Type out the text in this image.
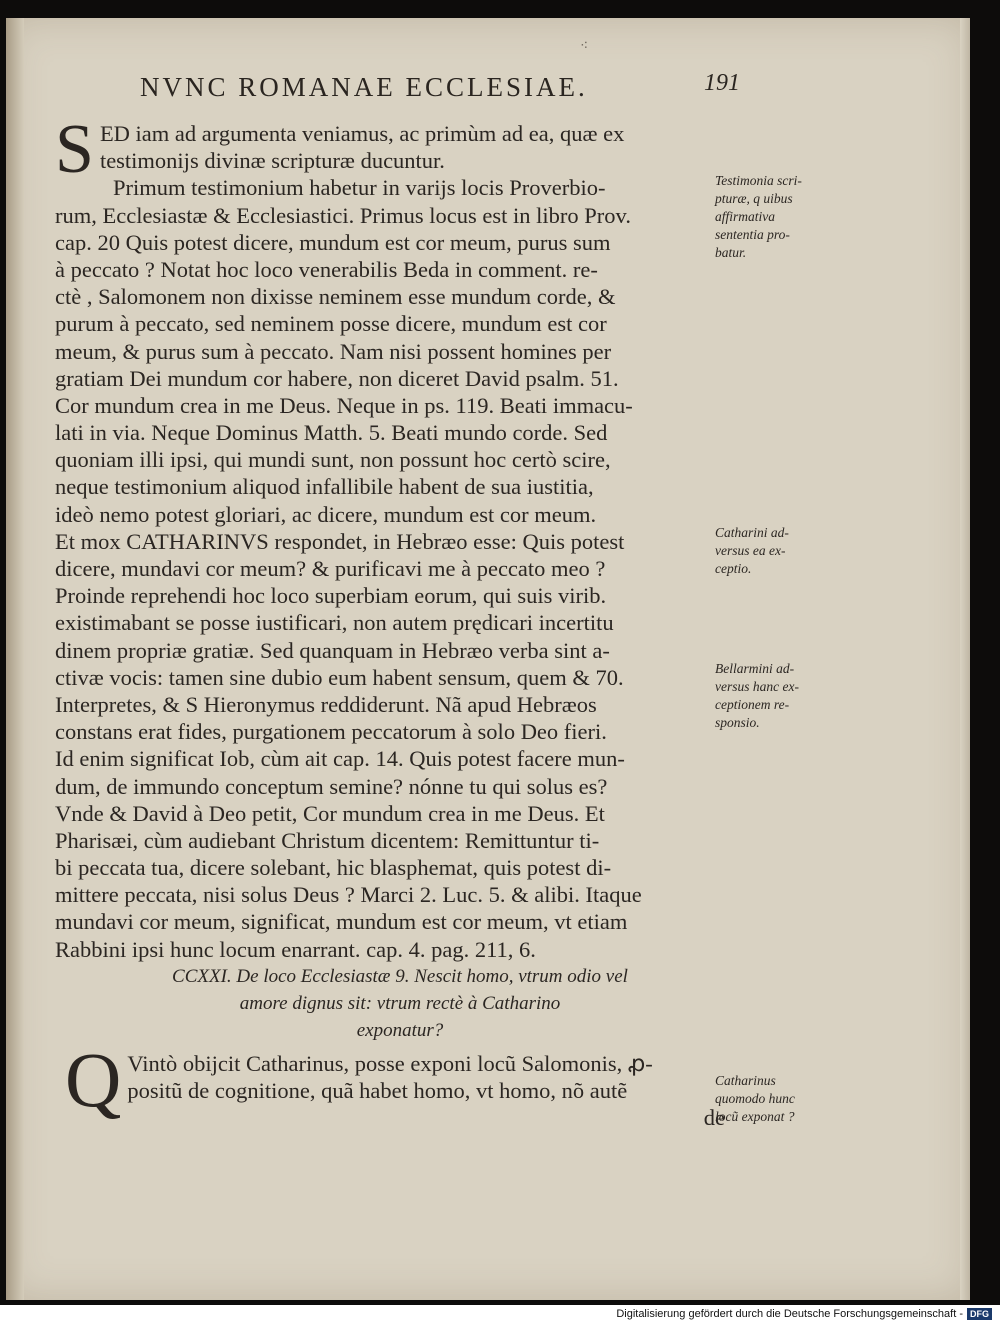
⁖
NVNC ROMANAE ECCLESIAE.	191
S ED iam ad argumenta veniamus, ac primùm ad ea, quæ ex
testimonijs divinæ scripturæ ducuntur.
Primum testimonium habetur in varijs locis Proverbio-
rum, Ecclesiastæ & Ecclesiastici. Primus locus est in libro Prov.
cap. 20 Quis potest dicere, mundum est cor meum, purus sum
à peccato ? Notat hoc loco venerabilis Beda in comment. re-
ctè , Salomonem non dixisse neminem esse mundum corde, &
purum à peccato, sed neminem posse dicere, mundum est cor
meum, & purus sum à peccato. Nam nisi possent homines per
gratiam Dei mundum cor habere, non diceret David psalm. 51.
Cor mundum crea in me Deus. Neque in ps. 119. Beati immacu-
lati in via. Neque Dominus Matth. 5. Beati mundo corde. Sed
quoniam illi ipsi, qui mundi sunt, non possunt hoc certò scire,
neque testimonium aliquod infallibile habent de sua iustitia,
ideò nemo potest gloriari, ac dicere, mundum est cor meum.
Et mox CATHARINVS respondet, in Hebræo esse: Quis potest
dicere, mundavi cor meum? & purificavi me à peccato meo ?
Proinde reprehendi hoc loco superbiam eorum, qui suis virib.
existimabant se posse iustificari, non autem prędicari incertitu
dinem propriæ gratiæ. Sed quanquam in Hebræo verba sint a-
ctivæ vocis: tamen sine dubio eum habent sensum, quem & 70.
Interpretes, & S Hieronymus reddiderunt. Nã apud Hebræos
constans erat fides, purgationem peccatorum à solo Deo fieri.
Id enim significat Iob, cùm ait cap. 14. Quis potest facere mun-
dum, de immundo conceptum semine? nónne tu qui solus es?
Vnde & David à Deo petit, Cor mundum crea in me Deus. Et
Pharisæi, cùm audiebant Christum dicentem: Remittuntur ti-
bi peccata tua, dicere solebant, hic blasphemat, quis potest di-
mittere peccata, nisi solus Deus ? Marci 2. Luc. 5. & alibi. Itaque
mundavi cor meum, significat, mundum est cor meum, vt etiam
Rabbini ipsi hunc locum enarrant. cap. 4. pag. 211, 6.
CCXXI. De loco Ecclesiastæ 9. Nescit homo, vtrum odio vel
amore dignus sit: vtrum rectè à Catharino
exponatur?
Q Vintò obijcit Catharinus, posse exponi locũ Salomonis, ꝓ-
positũ de cognitione, quã habet homo, vt homo, nõ autẽ
de
Testimonia scri-
pturæ, q uibus
affirmativa
sententia pro-
batur.
Catharini ad-
versus ea ex-
ceptio.
Bellarmini ad-
versus hanc ex-
ceptionem re-
sponsio.
Catharinus
quomodo hunc
locũ exponat ?
Digitalisierung gefördert durch die Deutsche Forschungsgemeinschaft - DFG
